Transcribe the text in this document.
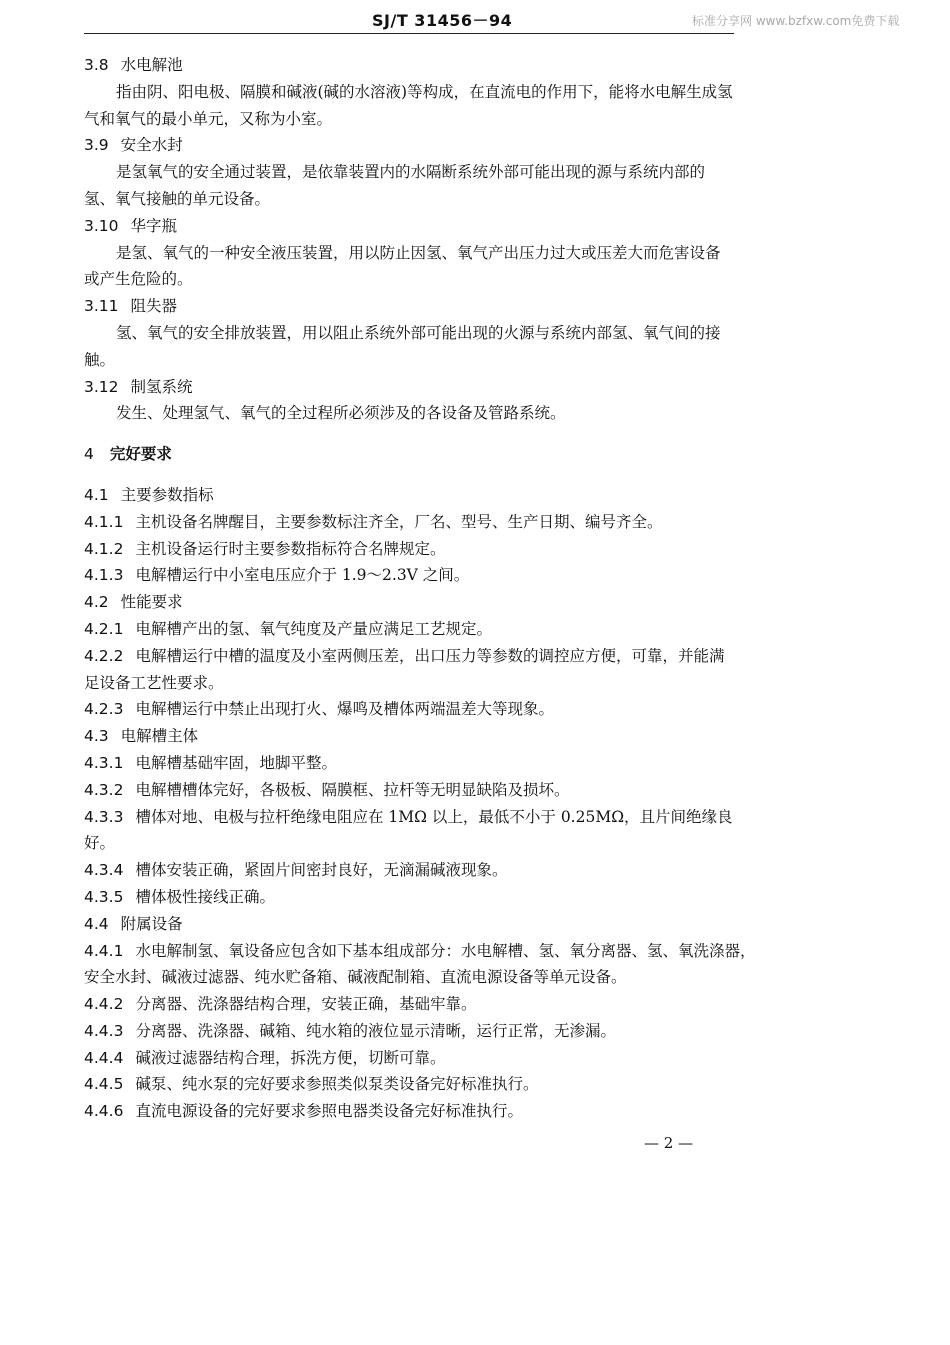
SJ/T 31456－94	标准分享网 www.bzfxw.com免费下载
3.8 水电解池
指由阴、阳电极、隔膜和碱液(碱的水溶液)等构成，在直流电的作用下，能将水电解生成氢
气和氧气的最小单元，又称为小室。
3.9 安全水封
是氢氧气的安全通过装置，是依靠装置内的水隔断系统外部可能出现的源与系统内部的
氢、氧气接触的单元设备。
3.10 华字瓶
是氢、氧气的一种安全液压装置，用以防止因氢、氧气产出压力过大或压差大而危害设备
或产生危险的。
3.11 阻失器
氢、氧气的安全排放装置，用以阻止系统外部可能出现的火源与系统内部氢、氧气间的接
触。
3.12 制氢系统
发生、处理氢气、氧气的全过程所必须涉及的各设备及管路系统。
4 完好要求
4.1 主要参数指标
4.1.1 主机设备名牌醒目，主要参数标注齐全，厂名、型号、生产日期、编号齐全。
4.1.2 主机设备运行时主要参数指标符合名牌规定。
4.1.3 电解槽运行中小室电压应介于 1.9～2.3V 之间。
4.2 性能要求
4.2.1 电解槽产出的氢、氧气纯度及产量应满足工艺规定。
4.2.2 电解槽运行中槽的温度及小室两侧压差，出口压力等参数的调控应方便，可靠，并能满
足设备工艺性要求。
4.2.3 电解槽运行中禁止出现打火、爆鸣及槽体两端温差大等现象。
4.3 电解槽主体
4.3.1 电解槽基础牢固，地脚平整。
4.3.2 电解槽槽体完好，各极板、隔膜框、拉杆等无明显缺陷及损坏。
4.3.3 槽体对地、电极与拉杆绝缘电阻应在 1MΩ 以上，最低不小于 0.25MΩ，且片间绝缘良
好。
4.3.4 槽体安装正确，紧固片间密封良好，无滴漏碱液现象。
4.3.5 槽体极性接线正确。
4.4 附属设备
4.4.1 水电解制氢、氧设备应包含如下基本组成部分：水电解槽、氢、氧分离器、氢、氧洗涤器，
安全水封、碱液过滤器、纯水贮备箱、碱液配制箱、直流电源设备等单元设备。
4.4.2 分离器、洗涤器结构合理，安装正确，基础牢靠。
4.4.3 分离器、洗涤器、碱箱、纯水箱的液位显示清晰，运行正常，无渗漏。
4.4.4 碱液过滤器结构合理，拆洗方便，切断可靠。
4.4.5 碱泵、纯水泵的完好要求参照类似泵类设备完好标准执行。
4.4.6 直流电源设备的完好要求参照电器类设备完好标准执行。
— 2 —
